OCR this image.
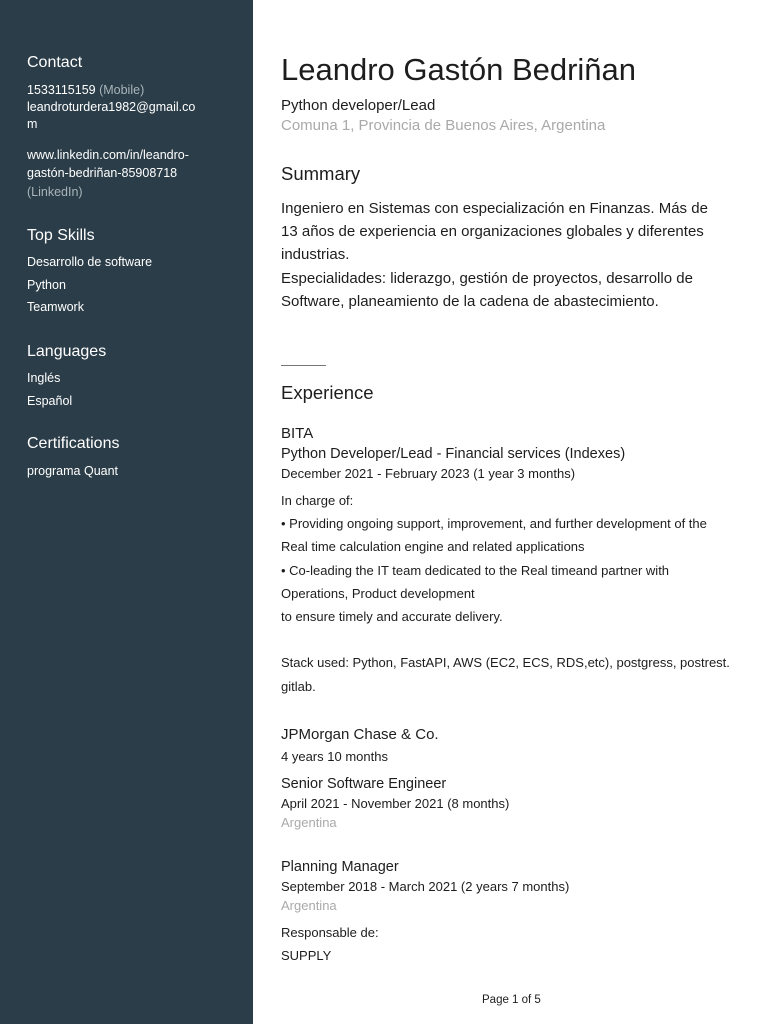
Contact

1533115159 (Mobile)

leandroturdera1982@gmail.co

m

www.linkedin.com/in/leandro-

gastón-bedriñan-85908718

(LinkedIn)

Top Skills

Desarrollo de software

Python

Teamwork

Languages

Inglés

Español

Certifications

programa Quant

Leandro Gastón Bedriñan

Python developer/Lead

Comuna 1, Provincia de Buenos Aires, Argentina

Summary
Ingeniero en Sistemas con especialización en Finanzas. Más de
13 años de experiencia en organizaciones globales y diferentes
industrias.
Especialidades: liderazgo, gestión de proyectos, desarrollo de
Software, planeamiento de la cadena de abastecimiento.
Experience
BITA
Python Developer/Lead - Financial services (Indexes)

December 2021 - February 2023 (1 year 3 months)

In charge of:
• Providing ongoing support, improvement, and further development of the
Real time calculation engine and related applications
• Co-leading the IT team dedicated to the Real timeand partner with
Operations, Product development
to ensure timely and accurate delivery.
Stack used: Python, FastAPI, AWS (EC2, ECS, RDS,etc), postgress, postrest.
gitlab.
JPMorgan Chase & Co.

4 years 10 months

Senior Software Engineer

April 2021 - November 2021 (8 months)

Argentina

Planning Manager

September 2018 - March 2021 (2 years 7 months)

Argentina

Responsable de:
SUPPLY
Page 1 of 5
